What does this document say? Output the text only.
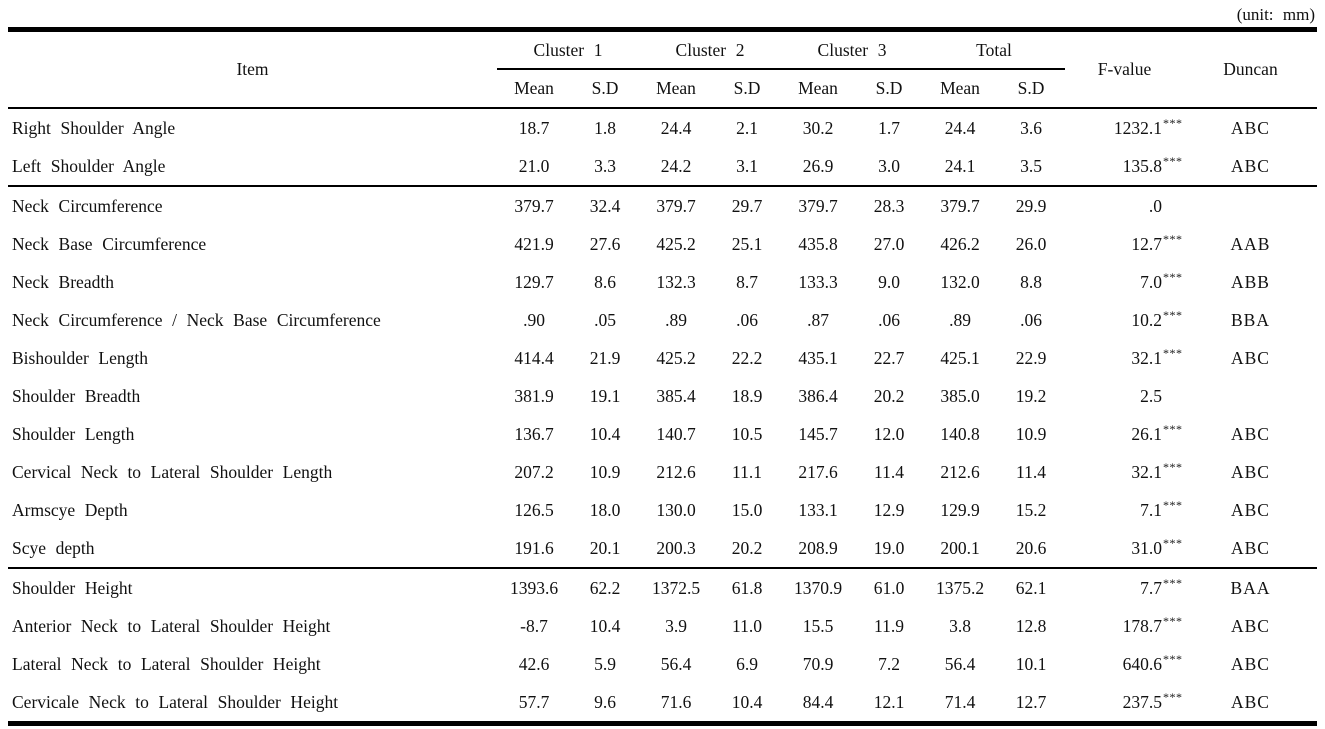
(unit: mm)
Item	Cluster 1		Cluster 2		Cluster 3		Total		F-value	Duncan
	Mean	S.D	Mean	S.D	Mean	S.D	Mean	S.D		
Right Shoulder Angle	18.7	1.8	24.4	2.1	30.2	1.7	24.4	3.6	1232.1***	ABC
Left Shoulder Angle	21.0	3.3	24.2	3.1	26.9	3.0	24.1	3.5	135.8***	ABC
Neck Circumference	379.7	32.4	379.7	29.7	379.7	28.3	379.7	29.9	.0	
Neck Base Circumference	421.9	27.6	425.2	25.1	435.8	27.0	426.2	26.0	12.7***	AAB
Neck Breadth	129.7	8.6	132.3	8.7	133.3	9.0	132.0	8.8	7.0***	ABB
Neck Circumference / Neck Base Circumference	.90	.05	.89	.06	.87	.06	.89	.06	10.2***	BBA
Bishoulder Length	414.4	21.9	425.2	22.2	435.1	22.7	425.1	22.9	32.1***	ABC
Shoulder Breadth	381.9	19.1	385.4	18.9	386.4	20.2	385.0	19.2	2.5	
Shoulder Length	136.7	10.4	140.7	10.5	145.7	12.0	140.8	10.9	26.1***	ABC
Cervical Neck to Lateral Shoulder Length	207.2	10.9	212.6	11.1	217.6	11.4	212.6	11.4	32.1***	ABC
Armscye Depth	126.5	18.0	130.0	15.0	133.1	12.9	129.9	15.2	7.1***	ABC
Scye depth	191.6	20.1	200.3	20.2	208.9	19.0	200.1	20.6	31.0***	ABC
Shoulder Height	1393.6	62.2	1372.5	61.8	1370.9	61.0	1375.2	62.1	7.7***	BAA
Anterior Neck to Lateral Shoulder Height	-8.7	10.4	3.9	11.0	15.5	11.9	3.8	12.8	178.7***	ABC
Lateral Neck to Lateral Shoulder Height	42.6	5.9	56.4	6.9	70.9	7.2	56.4	10.1	640.6***	ABC
Cervicale Neck to Lateral Shoulder Height	57.7	9.6	71.6	10.4	84.4	12.1	71.4	12.7	237.5***	ABC
